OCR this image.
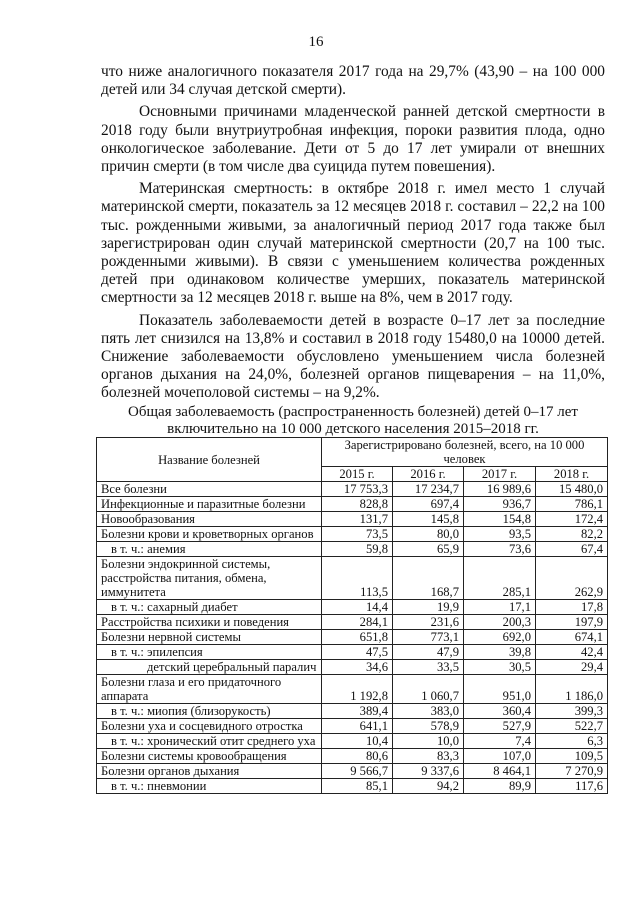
16

что ниже аналогичного показателя 2017 года на 29,7% (43,90 – на 100 000 детей или 34 случая детской смерти).

Основными причинами младенческой ранней детской смертности в 2018 году были внутриутробная инфекция, пороки развития плода, одно онкологическое заболевание. Дети от 5 до 17 лет умирали от внешних причин смерти (в том числе два суицида путем повешения).

Материнская смертность: в октябре 2018 г. имел место 1 случай материнской смерти, показатель за 12 месяцев 2018 г. составил – 22,2 на 100 тыс. рожденными живыми, за аналогичный период 2017 года также был зарегистрирован один случай материнской смертности (20,7 на 100 тыс. рожденными живыми). В связи с уменьшением количества рожденных детей при одинаковом количестве умерших, показатель материнской смертности за 12 месяцев 2018 г. выше на 8%, чем в 2017 году.

Показатель заболеваемости детей в возрасте 0–17 лет за последние пять лет снизился на 13,8% и составил в 2018 году 15480,0 на 10000 детей. Снижение заболеваемости обусловлено уменьшением числа болезней органов дыхания на 24,0%, болезней органов пищеварения – на 11,0%, болезней мочеполовой системы – на 9,2%.

Общая заболеваемость (распространенность болезней) детей 0–17 лет включительно на 10 000 детского населения 2015–2018 гг.
Название болезней	Зарегистрировано болезней, всего, на 10 000 человек			
	2015 г.	2016 г.	2017 г.	2018 г.
Все болезни	17 753,3	17 234,7	16 989,6	15 480,0
Инфекционные и паразитные болезни	828,8	697,4	936,7	786,1
Новообразования	131,7	145,8	154,8	172,4
Болезни крови и кроветворных органов	73,5	80,0	93,5	82,2
в т. ч.: анемия	59,8	65,9	73,6	67,4
Болезни эндокринной системы, расстройства питания, обмена, иммунитета	113,5	168,7	285,1	262,9
в т. ч.: сахарный диабет	14,4	19,9	17,1	17,8
Расстройства психики и поведения	284,1	231,6	200,3	197,9
Болезни нервной системы	651,8	773,1	692,0	674,1
в т. ч.: эпилепсия	47,5	47,9	39,8	42,4
детский церебральный паралич	34,6	33,5	30,5	29,4
Болезни глаза и его придаточного аппарата	1 192,8	1 060,7	951,0	1 186,0
в т. ч.: миопия (близорукость)	389,4	383,0	360,4	399,3
Болезни уха и сосцевидного отростка	641,1	578,9	527,9	522,7
в т. ч.: хронический отит среднего уха	10,4	10,0	7,4	6,3
Болезни системы кровообращения	80,6	83,3	107,0	109,5
Болезни органов дыхания	9 566,7	9 337,6	8 464,1	7 270,9
в т. ч.: пневмонии	85,1	94,2	89,9	117,6
